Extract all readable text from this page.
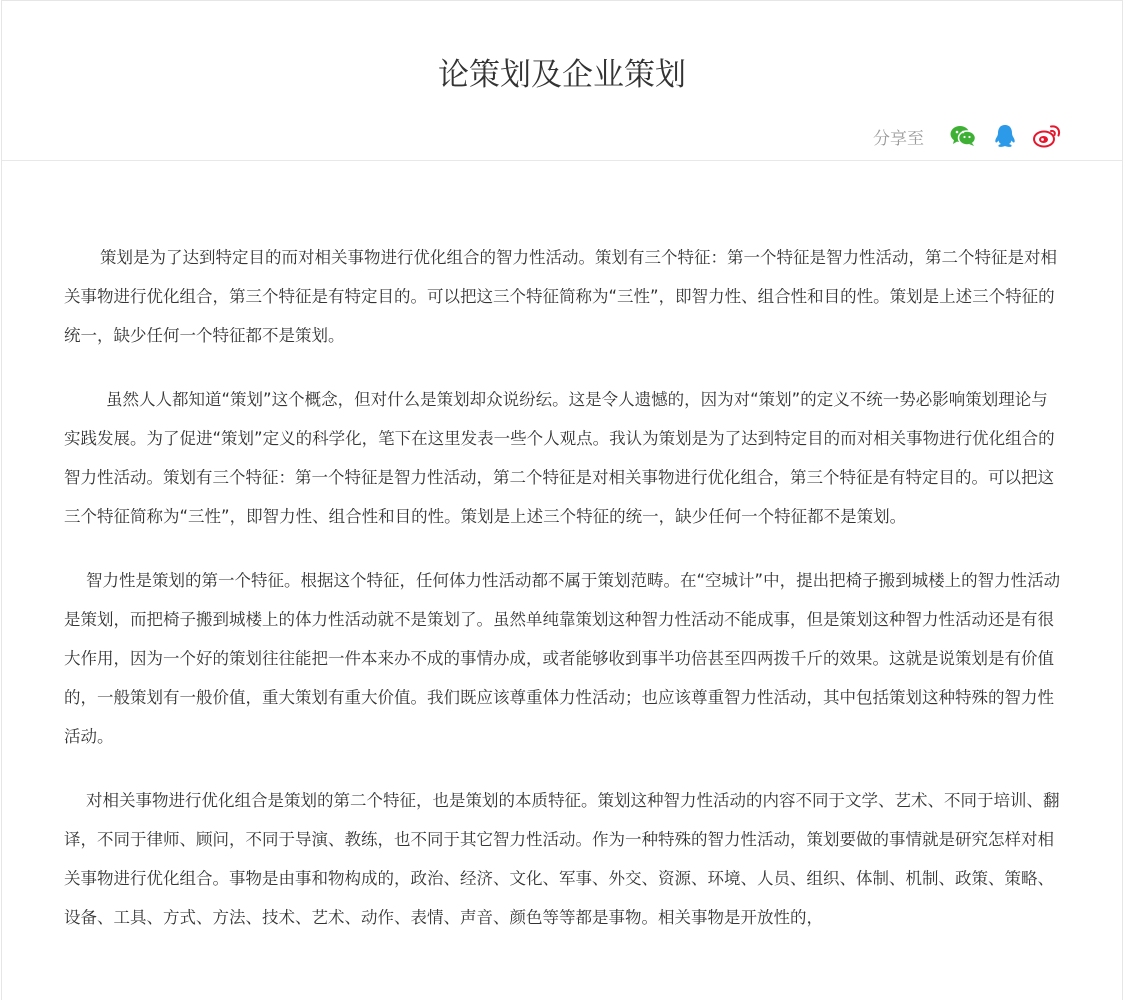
论策划及企业策划
分享至

策划是为了达到特定目的而对相关事物进行优化组合的智力性活动。策划有三个特征：第一个特征是智力性活动，第二个特征是对相关事物进行优化组合，第三个特征是有特定目的。可以把这三个特征简称为“三性”，即智力性、组合性和目的性。策划是上述三个特征的统一，缺少任何一个特征都不是策划。

虽然人人都知道“策划”这个概念，但对什么是策划却众说纷纭。这是令人遗憾的，因为对“策划”的定义不统一势必影响策划理论与实践发展。为了促进“策划”定义的科学化，笔下在这里发表一些个人观点。我认为策划是为了达到特定目的而对相关事物进行优化组合的智力性活动。策划有三个特征：第一个特征是智力性活动，第二个特征是对相关事物进行优化组合，第三个特征是有特定目的。可以把这三个特征简称为“三性”，即智力性、组合性和目的性。策划是上述三个特征的统一，缺少任何一个特征都不是策划。

智力性是策划的第一个特征。根据这个特征，任何体力性活动都不属于策划范畴。在“空城计”中，提出把椅子搬到城楼上的智力性活动是策划，而把椅子搬到城楼上的体力性活动就不是策划了。虽然单纯靠策划这种智力性活动不能成事，但是策划这种智力性活动还是有很大作用，因为一个好的策划往往能把一件本来办不成的事情办成，或者能够收到事半功倍甚至四两拨千斤的效果。这就是说策划是有价值的，一般策划有一般价值，重大策划有重大价值。我们既应该尊重体力性活动；也应该尊重智力性活动，其中包括策划这种特殊的智力性活动。

对相关事物进行优化组合是策划的第二个特征，也是策划的本质特征。策划这种智力性活动的内容不同于文学、艺术、不同于培训、翻译，不同于律师、顾问，不同于导演、教练，也不同于其它智力性活动。作为一种特殊的智力性活动，策划要做的事情就是研究怎样对相关事物进行优化组合。事物是由事和物构成的，政治、经济、文化、军事、外交、资源、环境、人员、组织、体制、机制、政策、策略、设备、工具、方式、方法、技术、艺术、动作、表情、声音、颜色等等都是事物。相关事物是开放性的，
